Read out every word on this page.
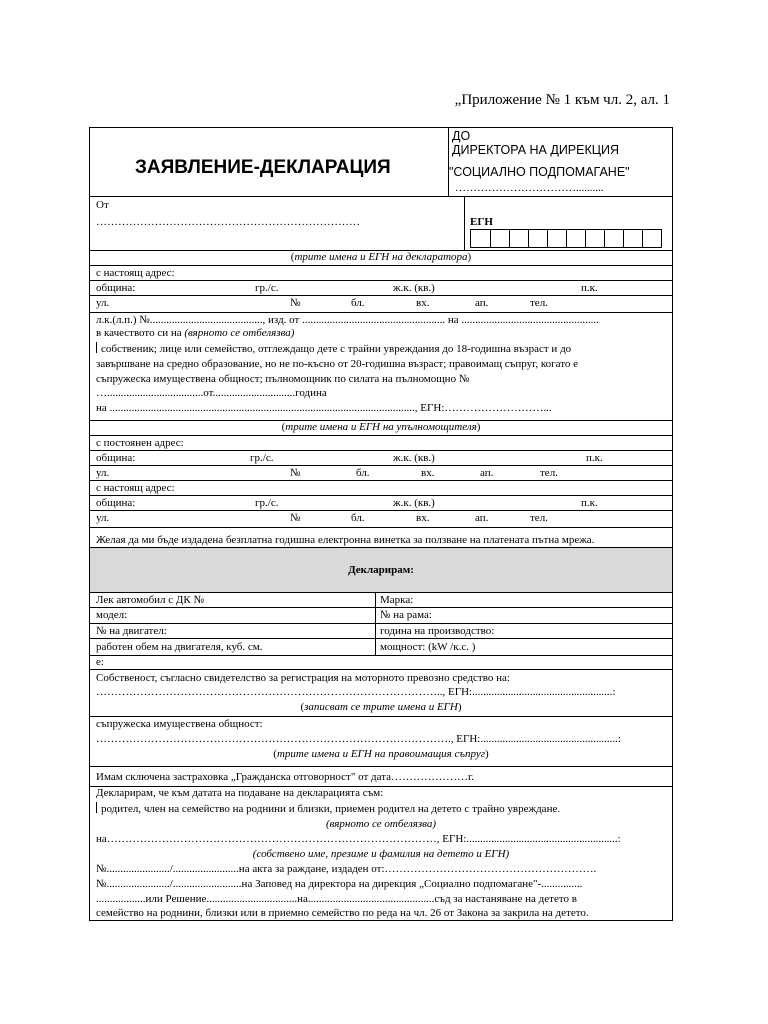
„Приложение № 1 към чл. 2, ал. 1
ЗАЯВЛЕНИЕ-ДЕКЛАРАЦИЯ
ДО
ДИРЕКТОРА НА ДИРЕКЦИЯ
"СОЦИАЛНО ПОДПОМАГАНЕ"
……………………………..........
От
………………………………………………………………	ЕГН
(трите имена и ЕГН на декларатора)
с настоящ адрес:
община:	гр./с.	ж.к. (кв.)	п.к.
ул.	№	бл.	вх.	ап.	тел.
л.к.(л.п.) №........................................., изд. от .................................................... на ..................................................
в качеството си на (вярното се отбелязва)
собственик; лице или семейство, отглеждащо дете с трайни увреждания до 18-годишна възраст и до
завършване на средно образование, но не по-късно от 20-годишна възраст; правоимащ съпруг, когато е
съпружеска имуществена общност; пълномощник по силата на пълномощно №
…...................................от..............................година
на ..............................................................................................................., ЕГН:………………………...
(трите имена и ЕГН на упълномощителя)
с постоянен адрес:
община:	гр./с.	ж.к. (кв.)	п.к.
ул.	№	бл.	вх.	ап.	тел.
с настоящ адрес:
община:	гр./с.	ж.к. (кв.)	п.к.
ул.	№	бл.	вх.	ап.	тел.
Желая да ми бъде издадена безплатна годишна електронна винетка за ползване на платената пътна мрежа.
Декларирам:
Лек автомобил с ДК №	Марка:
модел:	№ на рама:
№ на двигател:	година на производство:
работен обем на двигателя, куб. см.	мощност: (kW /к.с. )
е:
Собственост, съгласно свидетелство за регистрация на моторното превозно средство на:
………………………………………………………………………………….., ЕГН:...................................................:
(записват се трите имена и ЕГН)
съпружеска имуществена общност:
……………………………………………………………………………………., ЕГН:..................................................:
(трите имена и ЕГН на правоимащия съпруг)
Имам сключена застраховка „Гражданска отговорност" от дата…………………г.
Декларирам, че към датата на подаване на декларацията съм:
родител, член на семейство на роднини и близки, приемен родител на детето с трайно увреждане.
(вярното се отбелязва)
на………………………………………………………………………………, ЕГН:.......................................................:
(собствено име, презиме и фамилия на детето и ЕГН)
№......................./........................на акта за раждане, издаден от:………………………………………………….
№......................./.........................на Заповед на директора на дирекция „Социално подпомагане"-...............
..................или Решение.................................на..............................................съд за настаняване на детето в
семейство на роднини, близки или в приемно семейство по реда на чл. 26 от Закона за закрила на детето.
